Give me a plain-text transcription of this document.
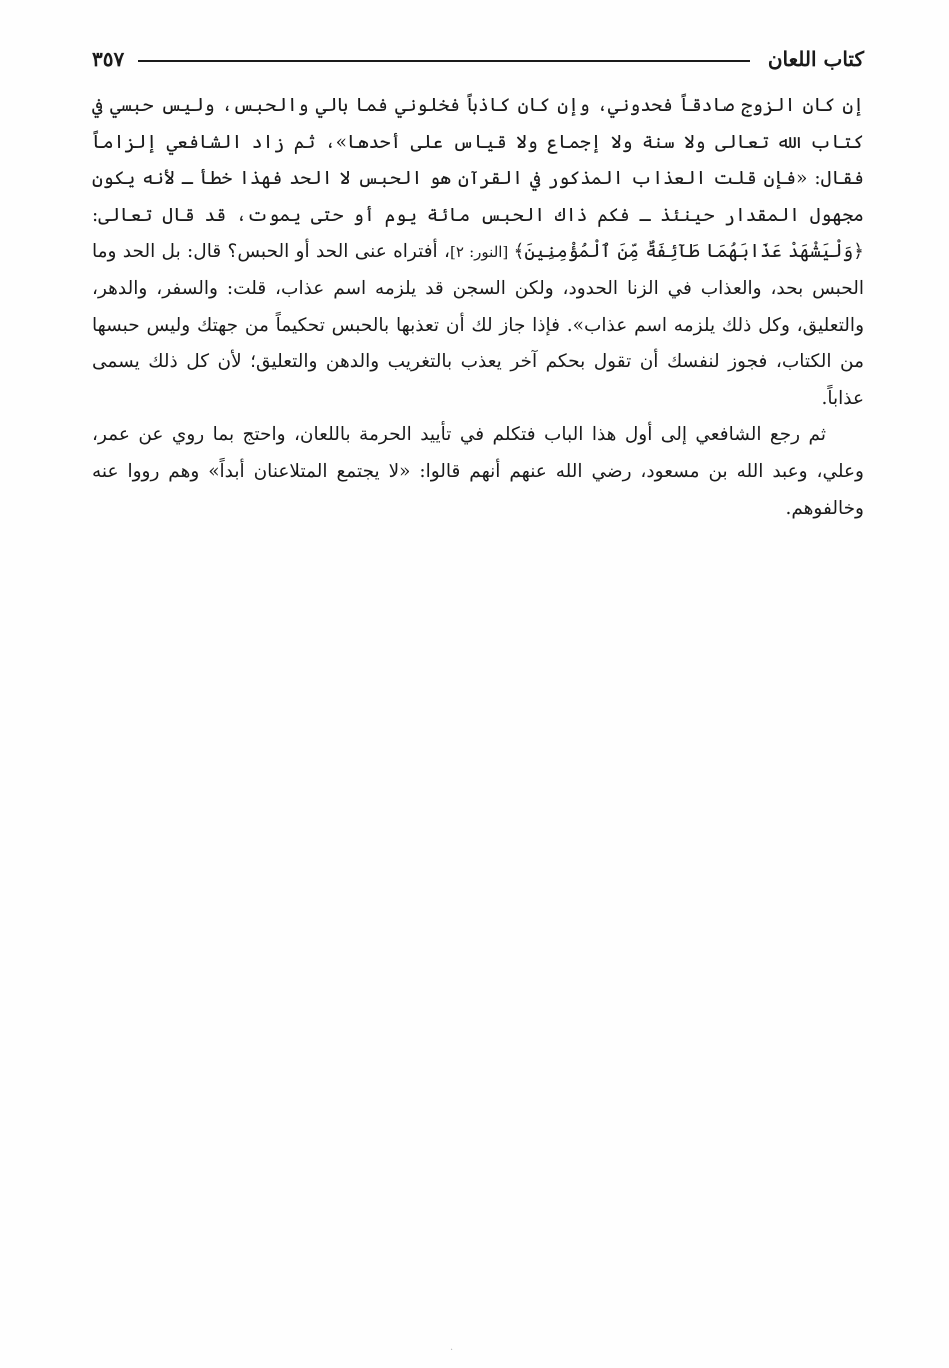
كتاب اللعان
٣٥٧

إن كان الزوج صادقاً فحدوني، وإن كان كاذباً فخلوني فما بالي والحبس، وليس حبسي في كتاب الله تعالى ولا سنة ولا إجماع ولا قياس على أحدها»، ثم زاد الشافعي إلزاماً فقال: «فإن قلت العذاب المذكور في القرآن هو الحبس لا الحد فهذا خطأ ـ لأنه يكون مجهول المقدار حينئذ ـ فكم ذاك الحبس مائة يوم أو حتى يموت، قد قال تعالى: ﴿وَلْيَشْهَدْ عَذَابَهُمَا طَآئِفَةٌ مِّنَ ٱلْمُؤْمِنِينَ﴾ [النور: ٢]، أفتراه عنى الحد أو الحبس؟ قال: بل الحد وما الحبس بحد، والعذاب في الزنا الحدود، ولكن السجن قد يلزمه اسم عذاب، قلت: والسفر، والدهر، والتعليق، وكل ذلك يلزمه اسم عذاب». فإذا جاز لك أن تعذبها بالحبس تحكيماً من جهتك وليس حبسها من الكتاب، فجوز لنفسك أن تقول بحكم آخر يعذب بالتغريب والدهن والتعليق؛ لأن كل ذلك يسمى عذاباً.

ثم رجع الشافعي إلى أول هذا الباب فتكلم في تأييد الحرمة باللعان، واحتج بما روي عن عمر، وعلي، وعبد الله بن مسعود، رضي الله عنهم أنهم قالوا: «لا يجتمع المتلاعنان أبداً» وهم رووا عنه وخالفوهم.

·
